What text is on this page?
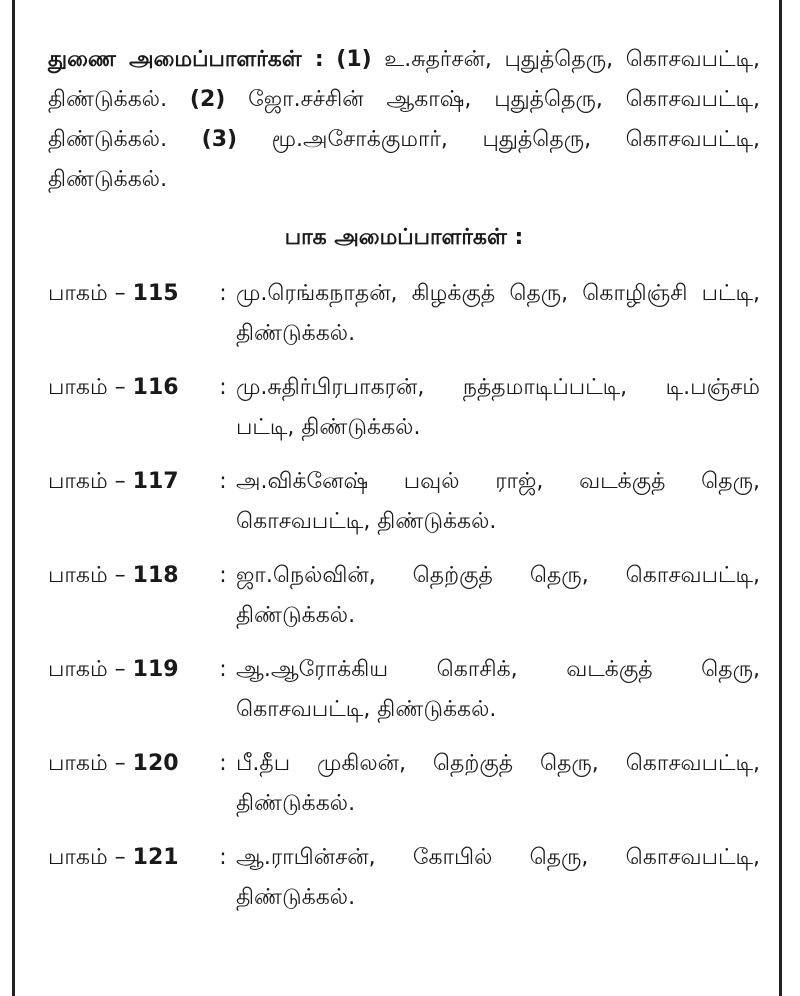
துணை அமைப்பாளர்கள் : (1) உ.சுதர்சன், புதுத்தெரு, கொசவபட்டி, திண்டுக்கல். (2) ஜோ.சச்சின் ஆகாஷ், புதுத்தெரு, கொசவபட்டி, திண்டுக்கல். (3) மூ.அசோக்குமார், புதுத்தெரு, கொசவபட்டி, திண்டுக்கல்.

பாக அமைப்பாளர்கள் :
பாகம் – 115	: மு.ரெங்கநாதன், கிழக்குத் தெரு, கொழிஞ்சி பட்டி, திண்டுக்கல்.
பாகம் – 116	: மு.சுதிர்பிரபாகரன், நத்தமாடிப்பட்டி, டி.பஞ்சம் பட்டி, திண்டுக்கல்.
பாகம் – 117	: அ.விக்னேஷ் பவுல் ராஜ், வடக்குத் தெரு, கொசவபட்டி, திண்டுக்கல்.
பாகம் – 118	: ஜா.நெல்வின், தெற்குத் தெரு, கொசவபட்டி, திண்டுக்கல்.
பாகம் – 119	: ஆ.ஆரோக்கிய கொசிக், வடக்குத் தெரு, கொசவபட்டி, திண்டுக்கல்.
பாகம் – 120	: பீ.தீப முகிலன், தெற்குத் தெரு, கொசவபட்டி, திண்டுக்கல்.
பாகம் – 121	: ஆ.ராபின்சன், கோபில் தெரு, கொசவபட்டி, திண்டுக்கல்.
